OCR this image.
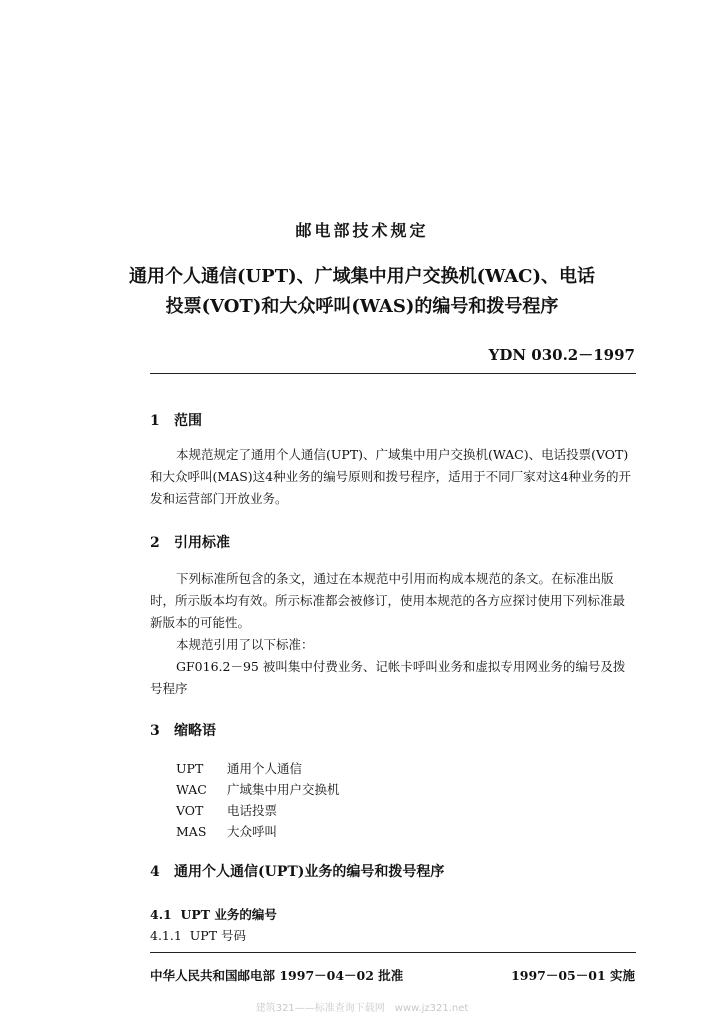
邮电部技术规定
通用个人通信(UPT)、广域集中用户交换机(WAC)、电话
投票(VOT)和大众呼叫(WAS)的编号和拨号程序
YDN 030.2－1997
1 范围

本规范规定了通用个人通信(UPT)、广域集中用户交换机(WAC)、电话投票(VOT)和大众呼叫(MAS)这4种业务的编号原则和拨号程序，适用于不同厂家对这4种业务的开发和运营部门开放业务。

2 引用标准

下列标准所包含的条文，通过在本规范中引用而构成本规范的条文。在标准出版时，所示版本均有效。所示标准都会被修订，使用本规范的各方应探讨使用下列标准最新版本的可能性。

本规范引用了以下标准：

GF016.2－95 被叫集中付费业务、记帐卡呼叫业务和虚拟专用网业务的编号及拨号程序

3 缩略语
UPT	通用个人通信
WAC	广域集中用户交换机
VOT	电话投票
MAS	大众呼叫
4 通用个人通信(UPT)业务的编号和拨号程序
4.1 UPT 业务的编号
4.1.1 UPT 号码
中华人民共和国邮电部 1997－04－02 批准	1997－05－01 实施
建筑321——标准查询下载网　www.jz321.net
